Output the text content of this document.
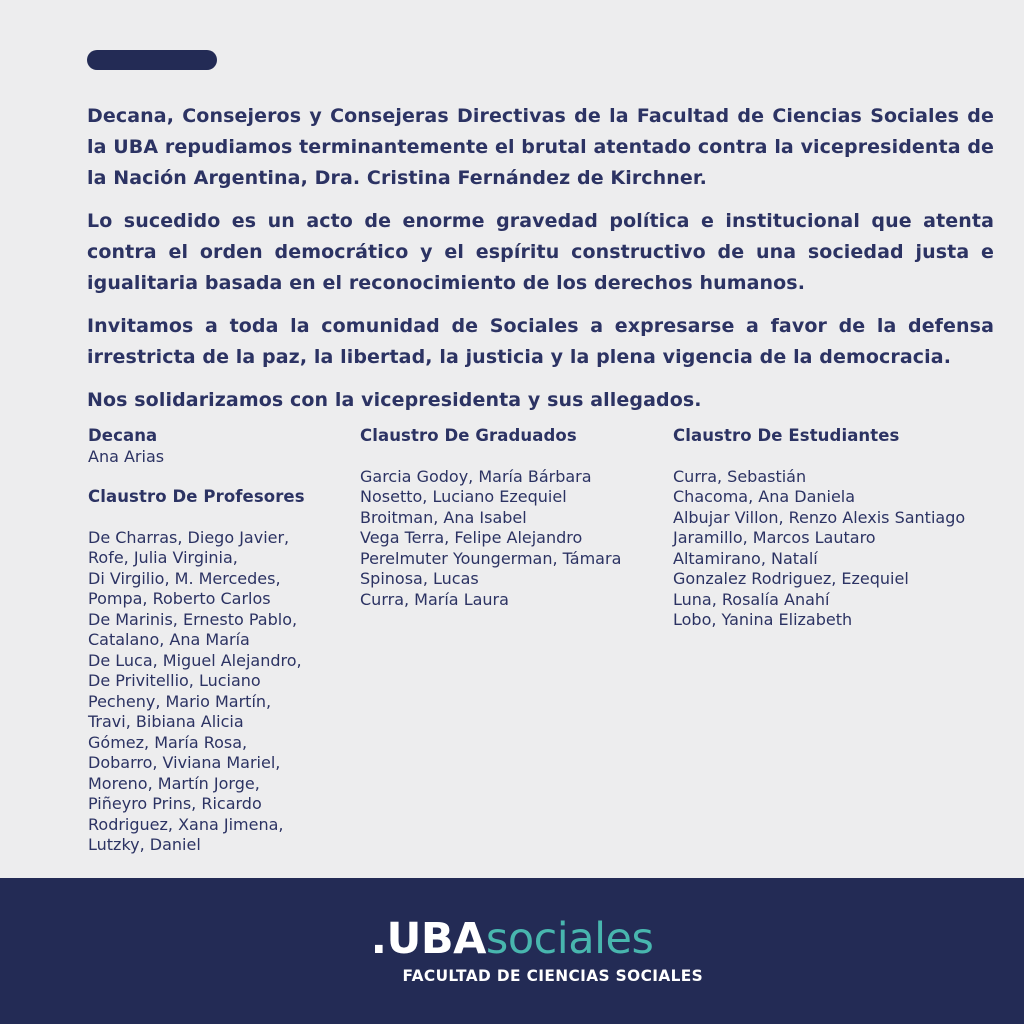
Decana, Consejeros y Consejeras Directivas de la Facultad de Ciencias Sociales de la UBA repudiamos terminantemente el brutal atentado contra la vicepresidenta de la Nación Argentina, Dra. Cristina Fernández de Kirchner.

Lo sucedido es un acto de enorme gravedad política e institucional que atenta contra el orden democrático y el espíritu constructivo de una sociedad justa e igualitaria basada en el reconocimiento de los derechos humanos.

Invitamos a toda la comunidad de Sociales a expresarse a favor de la defensa irrestricta de la paz, la libertad, la justicia y la plena vigencia de la democracia.

Nos solidarizamos con la vicepresidenta y sus allegados.

Decana
Ana Arias
Claustro De Profesores
De Charras, Diego Javier,
Rofe, Julia Virginia,
Di Virgilio, M. Mercedes,
Pompa, Roberto Carlos
De Marinis, Ernesto Pablo,
Catalano, Ana María
De Luca, Miguel Alejandro,
De Privitellio, Luciano
Pecheny, Mario Martín,
Travi, Bibiana Alicia
Gómez, María Rosa,
Dobarro, Viviana Mariel,
Moreno, Martín Jorge,
Piñeyro Prins, Ricardo
Rodriguez, Xana Jimena,
Lutzky, Daniel
Claustro De Graduados
Garcia Godoy, María Bárbara
Nosetto, Luciano Ezequiel
Broitman, Ana Isabel
Vega Terra, Felipe Alejandro
Perelmuter Youngerman, Támara
Spinosa, Lucas
Curra, María Laura
Claustro De Estudiantes
Curra, Sebastián
Chacoma, Ana Daniela
Albujar Villon, Renzo Alexis Santiago
Jaramillo, Marcos Lautaro
Altamirano, Natalí
Gonzalez Rodriguez, Ezequiel
Luna, Rosalía Anahí
Lobo, Yanina Elizabeth
.UBAsociales
FACULTAD DE CIENCIAS SOCIALES
